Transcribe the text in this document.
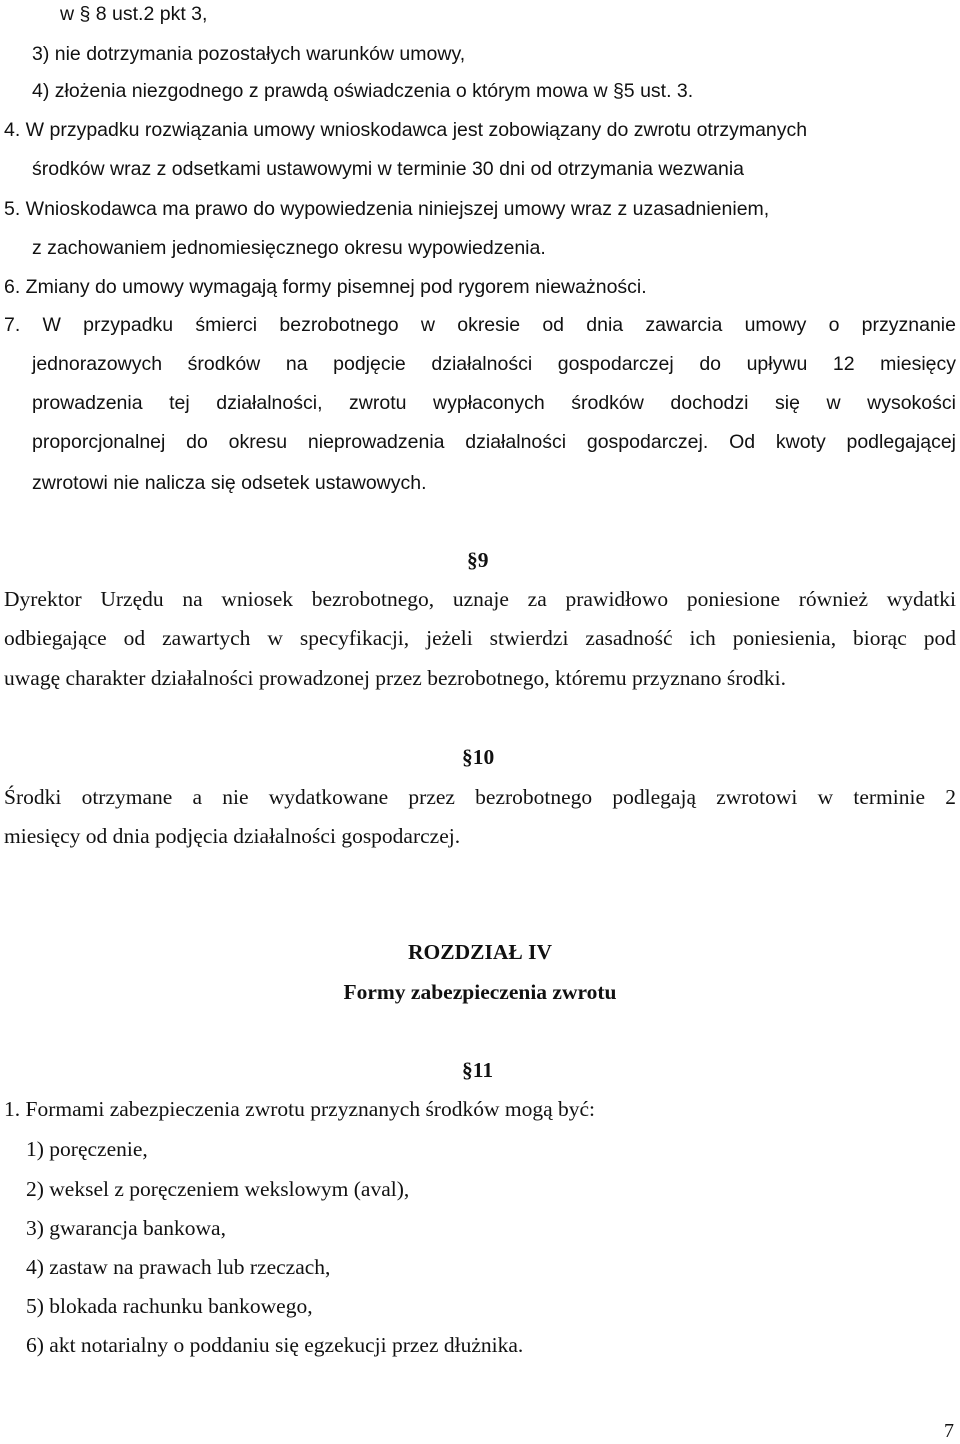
w § 8 ust.2 pkt 3,
3) nie dotrzymania pozostałych warunków umowy,
4) złożenia niezgodnego z prawdą oświadczenia o którym mowa w §5 ust. 3.
4. W przypadku rozwiązania umowy wnioskodawca jest zobowiązany do zwrotu otrzymanych
środków wraz z odsetkami ustawowymi w terminie 30 dni od otrzymania wezwania
5. Wnioskodawca ma prawo do wypowiedzenia niniejszej umowy wraz z uzasadnieniem,
z zachowaniem jednomiesięcznego okresu wypowiedzenia.
6. Zmiany do umowy wymagają formy pisemnej pod rygorem nieważności.
7. W przypadku śmierci bezrobotnego w okresie od dnia zawarcia umowy o przyznanie
jednorazowych środków na podjęcie działalności gospodarczej do upływu 12 miesięcy
prowadzenia tej działalności, zwrotu wypłaconych środków dochodzi się w wysokości
proporcjonalnej do okresu nieprowadzenia działalności gospodarczej. Od kwoty podlegającej
zwrotowi nie nalicza się odsetek ustawowych.
§9
Dyrektor Urzędu na wniosek bezrobotnego, uznaje za prawidłowo poniesione również wydatki
odbiegające od zawartych w specyfikacji, jeżeli stwierdzi zasadność ich poniesienia, biorąc pod
uwagę charakter działalności prowadzonej przez bezrobotnego, któremu przyznano środki.
§10
Środki otrzymane a nie wydatkowane przez bezrobotnego podlegają zwrotowi w terminie 2
miesięcy od dnia podjęcia działalności gospodarczej.
ROZDZIAŁ IV
Formy zabezpieczenia zwrotu
§11
1. Formami zabezpieczenia zwrotu przyznanych środków mogą być:
1) poręczenie,
2) weksel z poręczeniem wekslowym (aval),
3) gwarancja bankowa,
4) zastaw na prawach lub rzeczach,
5) blokada rachunku bankowego,
6) akt notarialny o poddaniu się egzekucji przez dłużnika.
7
